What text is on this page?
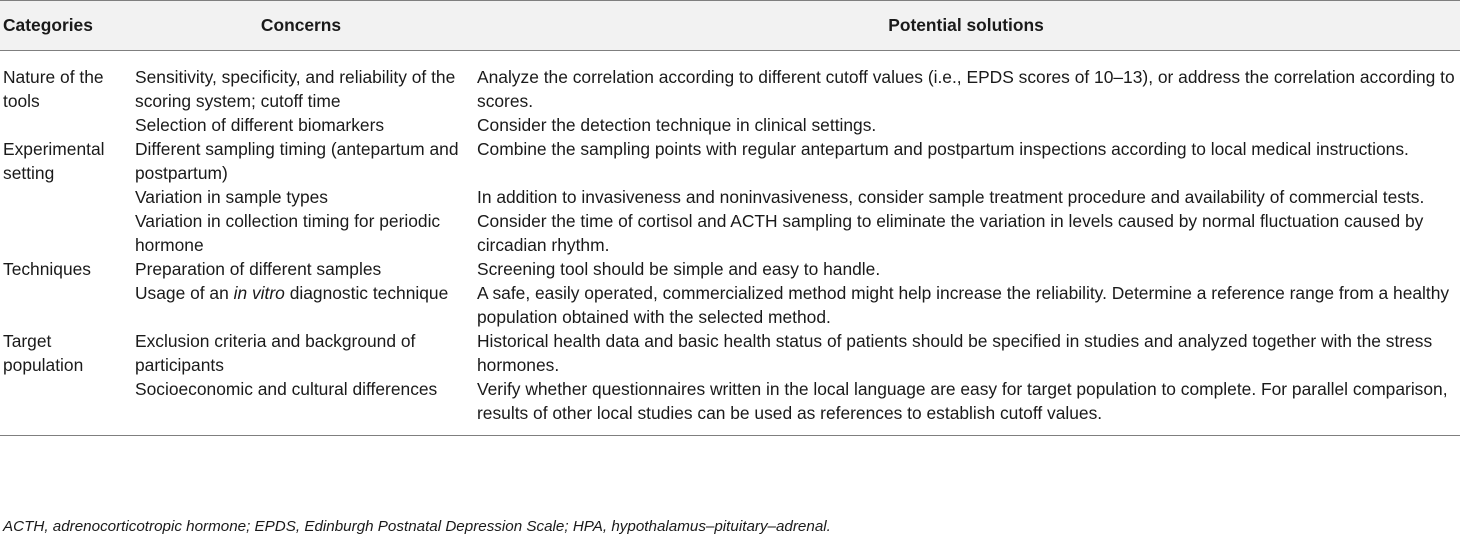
Categories	Concerns	Potential solutions
Nature of the tools	Sensitivity, specificity, and reliability of the scoring system; cutoff time	Analyze the correlation according to different cutoff values (i.e., EPDS scores of 10–13), or address the correlation according to scores.
	Selection of different biomarkers	Consider the detection technique in clinical settings.
Experimental setting	Different sampling timing (antepartum and postpartum)	Combine the sampling points with regular antepartum and postpartum inspections according to local medical instructions.
	Variation in sample types	In addition to invasiveness and noninvasiveness, consider sample treatment procedure and availability of commercial tests.
	Variation in collection timing for periodic hormone	Consider the time of cortisol and ACTH sampling to eliminate the variation in levels caused by normal fluctuation caused by circadian rhythm.
Techniques	Preparation of different samples	Screening tool should be simple and easy to handle.
	Usage of an in vitro diagnostic technique	A safe, easily operated, commercialized method might help increase the reliability. Determine a reference range from a healthy population obtained with the selected method.
Target population	Exclusion criteria and background of participants	Historical health data and basic health status of patients should be specified in studies and analyzed together with the stress hormones.
	Socioeconomic and cultural differences	Verify whether questionnaires written in the local language are easy for target population to complete. For parallel comparison, results of other local studies can be used as references to establish cutoff values.
ACTH, adrenocorticotropic hormone; EPDS, Edinburgh Postnatal Depression Scale; HPA, hypothalamus–pituitary–adrenal.
